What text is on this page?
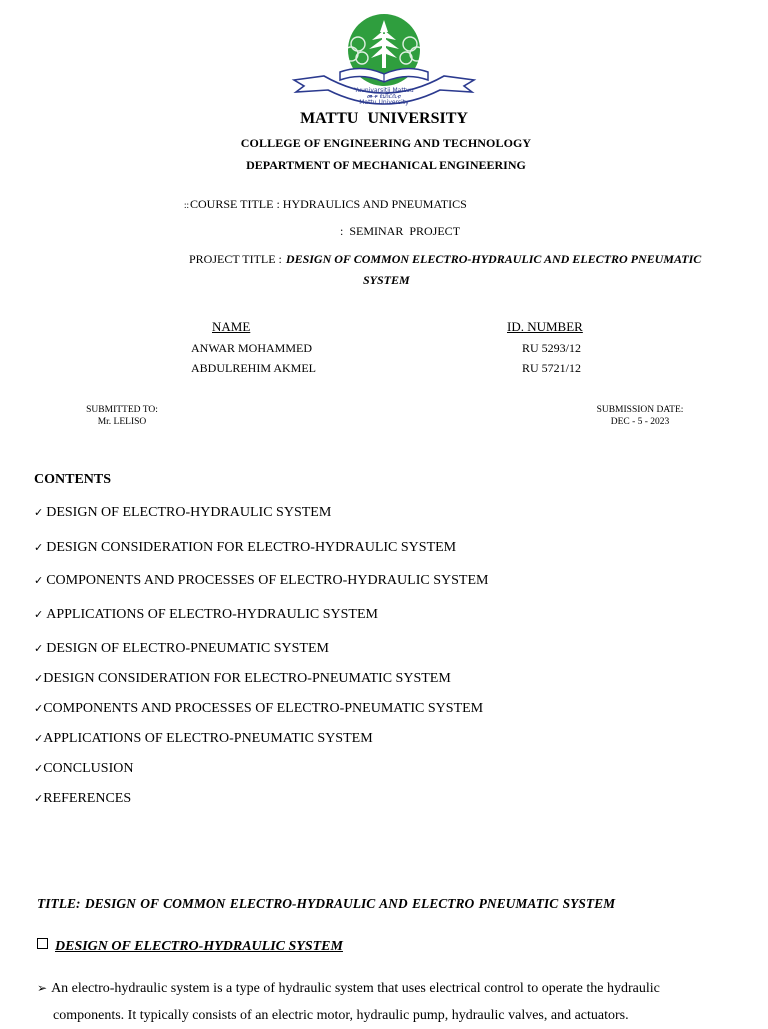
Yuunivarsitii Mattuu
ሙቱ ዩኒቨርሲቲ
Mattu University
MATTU UNIVERSITY
COLLEGE OF ENGINEERING AND TECHNOLOGY
DEPARTMENT OF MECHANICAL ENGINEERING
::COURSE TITLE : HYDRAULICS AND PNEUMATICS
: SEMINAR PROJECT
PROJECT TITLE : DESIGN OF COMMON ELECTRO-HYDRAULIC AND ELECTRO PNEUMATIC
SYSTEM
NAME	ID. NUMBER
ANWAR MOHAMMED	RU 5293/12
ABDULREHIM AKMEL	RU 5721/12
SUBMITTED TO:
Mr. LELISO
SUBMISSION DATE:
DEC - 5 - 2023
CONTENTS
✓ DESIGN OF ELECTRO-HYDRAULIC SYSTEM
✓ DESIGN CONSIDERATION FOR ELECTRO-HYDRAULIC SYSTEM
✓ COMPONENTS AND PROCESSES OF ELECTRO-HYDRAULIC SYSTEM
✓ APPLICATIONS OF ELECTRO-HYDRAULIC SYSTEM
✓ DESIGN OF ELECTRO-PNEUMATIC SYSTEM
✓DESIGN CONSIDERATION FOR ELECTRO-PNEUMATIC SYSTEM
✓COMPONENTS AND PROCESSES OF ELECTRO-PNEUMATIC SYSTEM
✓APPLICATIONS OF ELECTRO-PNEUMATIC SYSTEM
✓CONCLUSION
✓REFERENCES
TITLE: DESIGN OF COMMON ELECTRO-HYDRAULIC AND ELECTRO PNEUMATIC SYSTEM
DESIGN OF ELECTRO-HYDRAULIC SYSTEM
➢ An electro-hydraulic system is a type of hydraulic system that uses electrical control to operate the hydraulic
components. It typically consists of an electric motor, hydraulic pump, hydraulic valves, and actuators.
